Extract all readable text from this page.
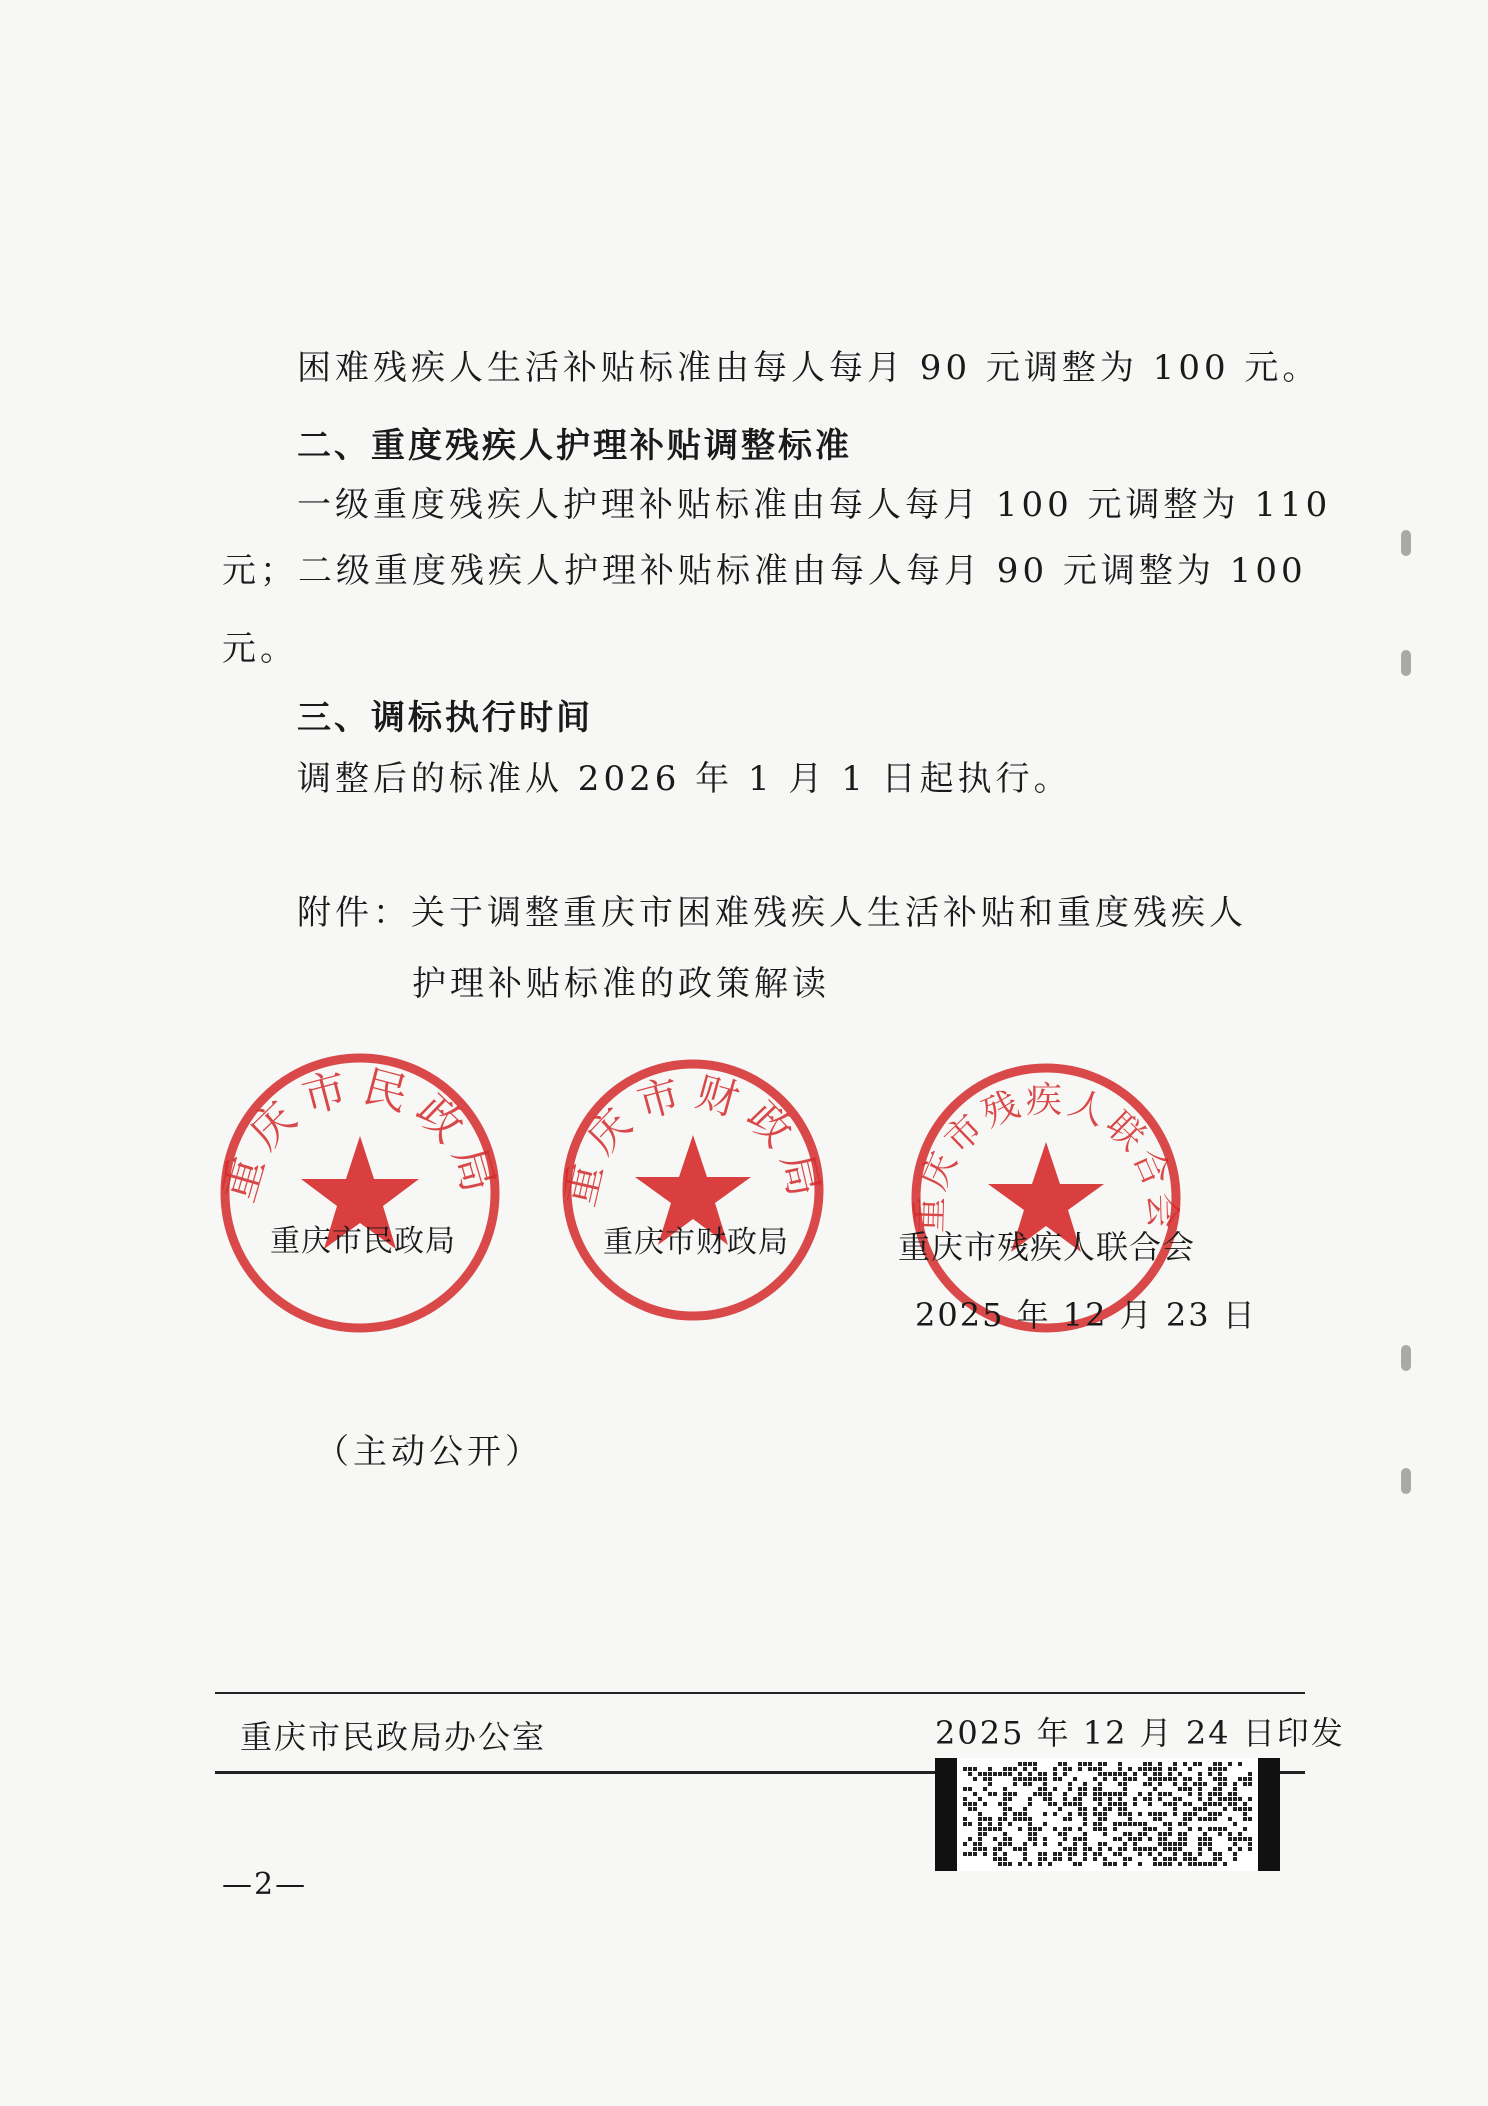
困难残疾人生活补贴标准由每人每月 90 元调整为 100 元。
二、重度残疾人护理补贴调整标准
一级重度残疾人护理补贴标准由每人每月 100 元调整为 110
元；二级重度残疾人护理补贴标准由每人每月 90 元调整为 100
元。
三、调标执行时间
调整后的标准从 2026 年 1 月 1 日起执行。
附件：关于调整重庆市困难残疾人生活补贴和重度残疾人
护理补贴标准的政策解读
重庆市民政局
重庆市民政局
重庆市财政局
重庆市财政局
重庆市残疾人联合会
重庆市残疾人联合会
2025 年 12 月 23 日
（主动公开）
重庆市民政局办公室	2025 年 12 月 24 日印发
—2—
